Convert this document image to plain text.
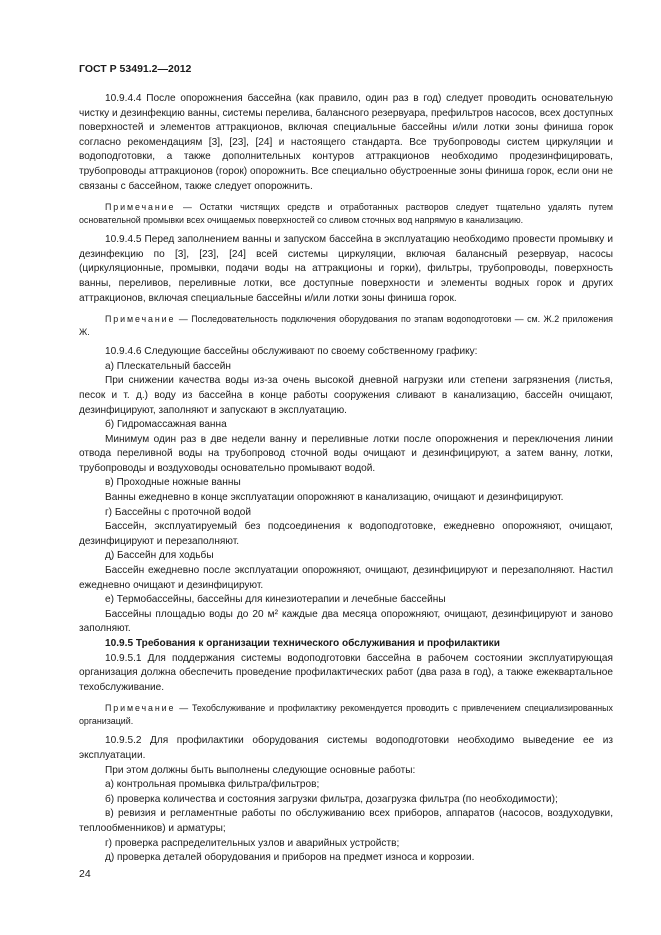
ГОСТ Р 53491.2—2012

10.9.4.4 После опорожнения бассейна (как правило, один раз в год) следует проводить основательную чистку и дезинфекцию ванны, системы перелива, балансного резервуара, префильтров насосов, всех доступных поверхностей и элементов аттракционов, включая специальные бассейны и/или лотки зоны финиша горок согласно рекомендациям [3], [23], [24] и настоящего стандарта. Все трубопроводы систем циркуляции и водоподготовки, а также дополнительных контуров аттракционов необходимо продезинфицировать, трубопроводы аттракционов (горок) опорожнить. Все специально обустроенные зоны финиша горок, если они не связаны с бассейном, также следует опорожнить.

Примечание — Остатки чистящих средств и отработанных растворов следует тщательно удалять путем основательной промывки всех очищаемых поверхностей со сливом сточных вод напрямую в канализацию.

10.9.4.5 Перед заполнением ванны и запуском бассейна в эксплуатацию необходимо провести промывку и дезинфекцию по [3], [23], [24] всей системы циркуляции, включая балансный резервуар, насосы (циркуляционные, промывки, подачи воды на аттракционы и горки), фильтры, трубопроводы, поверхность ванны, переливов, переливные лотки, все доступные поверхности и элементы водных горок и других аттракционов, включая специальные бассейны и/или лотки зоны финиша горок.

Примечание — Последовательность подключения оборудования по этапам водоподготовки — см. Ж.2 приложения Ж.

10.9.4.6 Следующие бассейны обслуживают по своему собственному графику:

а) Плескательный бассейн

При снижении качества воды из-за очень высокой дневной нагрузки или степени загрязнения (листья, песок и т. д.) воду из бассейна в конце работы сооружения сливают в канализацию, бассейн очищают, дезинфицируют, заполняют и запускают в эксплуатацию.

б) Гидромассажная ванна

Минимум один раз в две недели ванну и переливные лотки после опорожнения и переключения линии отвода переливной воды на трубопровод сточной воды очищают и дезинфицируют, а затем ванну, лотки, трубопроводы и воздуховоды основательно промывают водой.

в) Проходные ножные ванны

Ванны ежедневно в конце эксплуатации опорожняют в канализацию, очищают и дезинфицируют.

г) Бассейны с проточной водой

Бассейн, эксплуатируемый без подсоединения к водоподготовке, ежедневно опорожняют, очищают, дезинфицируют и перезаполняют.

д) Бассейн для ходьбы

Бассейн ежедневно после эксплуатации опорожняют, очищают, дезинфицируют и перезаполняют. Настил ежедневно очищают и дезинфицируют.

е) Термобассейны, бассейны для кинезиотерапии и лечебные бассейны

Бассейны площадью воды до 20 м² каждые два месяца опорожняют, очищают, дезинфицируют и заново заполняют.

10.9.5 Требования к организации технического обслуживания и профилактики

10.9.5.1 Для поддержания системы водоподготовки бассейна в рабочем состоянии эксплуатирующая организация должна обеспечить проведение профилактических работ (два раза в год), а также ежеквартальное техобслуживание.

Примечание — Техобслуживание и профилактику рекомендуется проводить с привлечением специализированных организаций.

10.9.5.2 Для профилактики оборудования системы водоподготовки необходимо выведение ее из эксплуатации.

При этом должны быть выполнены следующие основные работы:

а) контрольная промывка фильтра/фильтров;

б) проверка количества и состояния загрузки фильтра, дозагрузка фильтра (по необходимости);

в) ревизия и регламентные работы по обслуживанию всех приборов, аппаратов (насосов, воздуходувки, теплообменников) и арматуры;

г) проверка распределительных узлов и аварийных устройств;

д) проверка деталей оборудования и приборов на предмет износа и коррозии.

24
